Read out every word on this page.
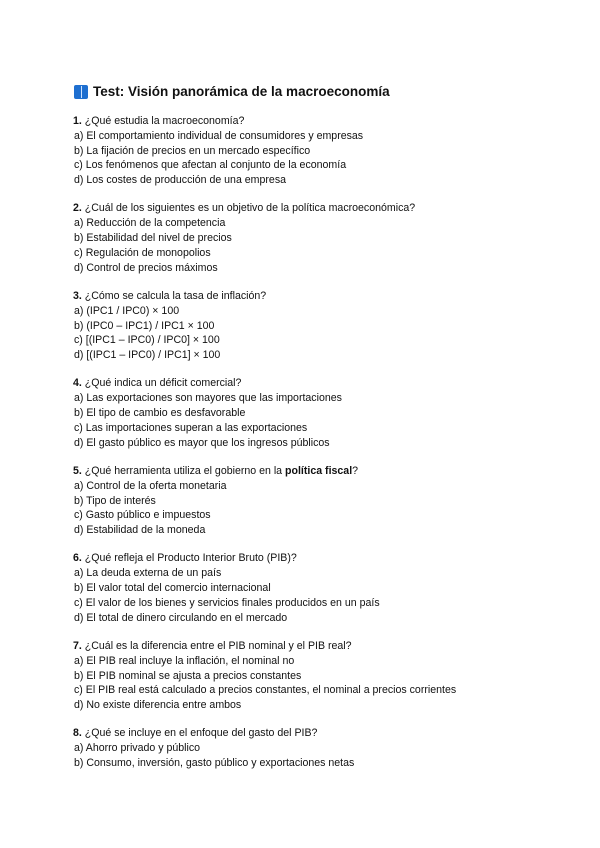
Test: Visión panorámica de la macroeconomía
1. ¿Qué estudia la macroeconomía?
a) El comportamiento individual de consumidores y empresas
b) La fijación de precios en un mercado específico
c) Los fenómenos que afectan al conjunto de la economía
d) Los costes de producción de una empresa
2. ¿Cuál de los siguientes es un objetivo de la política macroeconómica?
a) Reducción de la competencia
b) Estabilidad del nivel de precios
c) Regulación de monopolios
d) Control de precios máximos
3. ¿Cómo se calcula la tasa de inflación?
a) (IPC1 / IPC0) × 100
b) (IPC0 – IPC1) / IPC1 × 100
c) [(IPC1 – IPC0) / IPC0] × 100
d) [(IPC1 – IPC0) / IPC1] × 100
4. ¿Qué indica un déficit comercial?
a) Las exportaciones son mayores que las importaciones
b) El tipo de cambio es desfavorable
c) Las importaciones superan a las exportaciones
d) El gasto público es mayor que los ingresos públicos
5. ¿Qué herramienta utiliza el gobierno en la política fiscal?
a) Control de la oferta monetaria
b) Tipo de interés
c) Gasto público e impuestos
d) Estabilidad de la moneda
6. ¿Qué refleja el Producto Interior Bruto (PIB)?
a) La deuda externa de un país
b) El valor total del comercio internacional
c) El valor de los bienes y servicios finales producidos en un país
d) El total de dinero circulando en el mercado
7. ¿Cuál es la diferencia entre el PIB nominal y el PIB real?
a) El PIB real incluye la inflación, el nominal no
b) El PIB nominal se ajusta a precios constantes
c) El PIB real está calculado a precios constantes, el nominal a precios corrientes
d) No existe diferencia entre ambos
8. ¿Qué se incluye en el enfoque del gasto del PIB?
a) Ahorro privado y público
b) Consumo, inversión, gasto público y exportaciones netas
